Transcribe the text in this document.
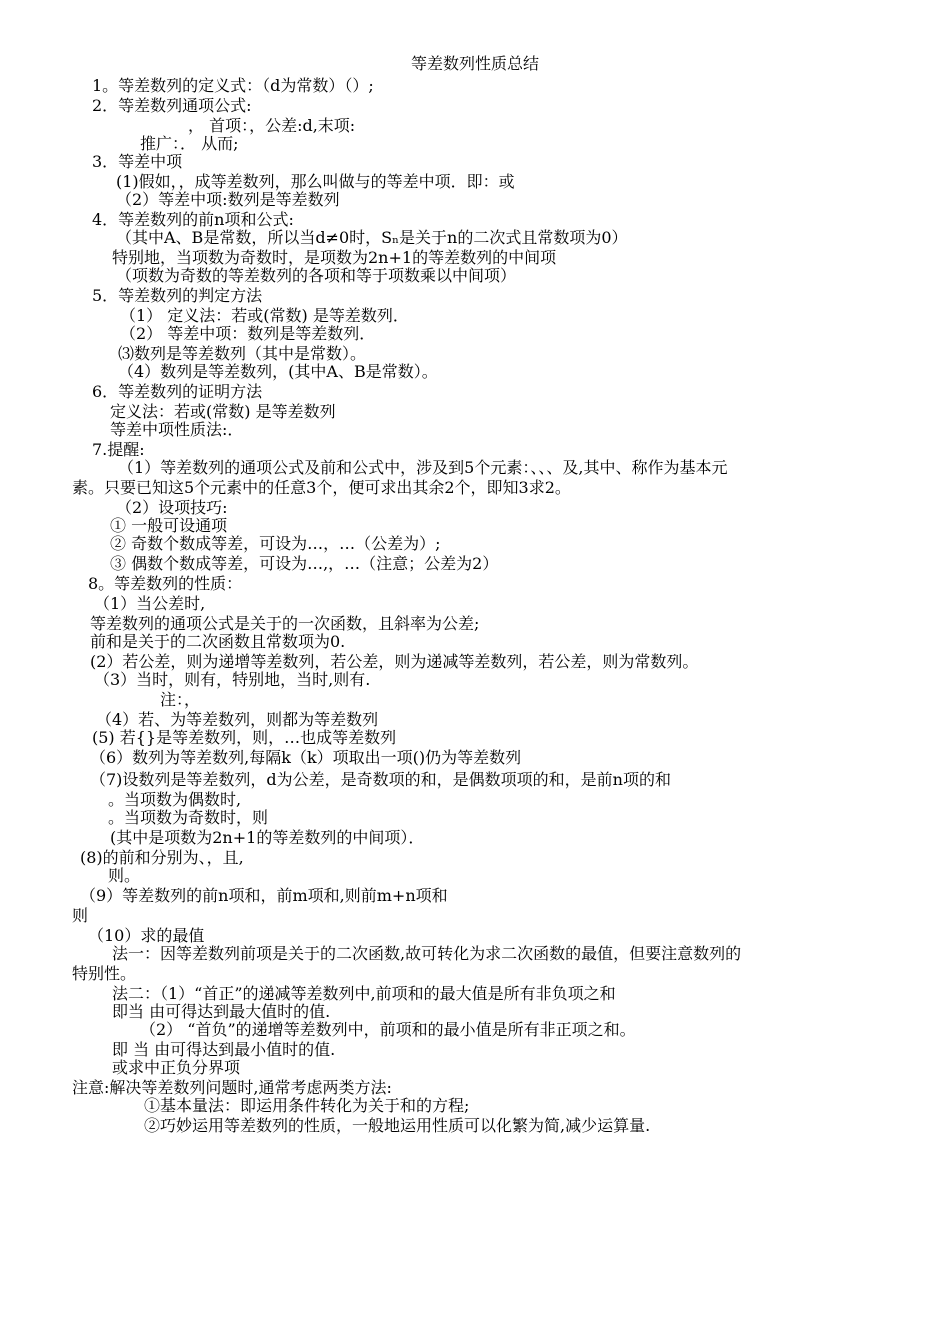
等差数列性质总结
1。等差数列的定义式：（d为常数）（）;
2．等差数列通项公式:
， 首项：，公差:d,末项:
推广：． 从而;
3．等差中项
(1)假如，，成等差数列，那么叫做与的等差中项．即：或
（2）等差中项:数列是等差数列
4．等差数列的前n项和公式:
（其中A、B是常数，所以当d≠0时，Sₙ是关于n的二次式且常数项为0）
特别地，当项数为奇数时，是项数为2n+1的等差数列的中间项
（项数为奇数的等差数列的各项和等于项数乘以中间项）
5．等差数列的判定方法
（1） 定义法：若或(常数) 是等差数列．
（2） 等差中项：数列是等差数列．
⑶数列是等差数列（其中是常数）。
（4）数列是等差数列，(其中A、B是常数）。
6．等差数列的证明方法
定义法：若或(常数) 是等差数列
等差中项性质法:．
7.提醒:
（1）等差数列的通项公式及前和公式中，涉及到5个元素：、、、及,其中、称作为基本元
素。只要已知这5个元素中的任意3个，便可求出其余2个，即知3求2。
（2）设项技巧:
① 一般可设通项
② 奇数个数成等差，可设为…，…（公差为）;
③ 偶数个数成等差，可设为…,，…（注意；公差为2）
8。等差数列的性质：
（1）当公差时,
等差数列的通项公式是关于的一次函数，且斜率为公差;
前和是关于的二次函数且常数项为0.
(2）若公差，则为递增等差数列，若公差，则为递减等差数列，若公差，则为常数列。
（3）当时，则有，特别地，当时,则有.
注：，
（4）若、为等差数列，则都为等差数列
(5) 若{}是等差数列，则，…也成等差数列
（6）数列为等差数列,每隔k（k）项取出一项()仍为等差数列
（7)设数列是等差数列，d为公差，是奇数项的和，是偶数项项的和，是前n项的和
。当项数为偶数时,
。当项数为奇数时，则
(其中是项数为2n+1的等差数列的中间项）．
(8)的前和分别为、，且,
则。
（9）等差数列的前n项和，前m项和,则前m+n项和
则
（10）求的最值
法一：因等差数列前项是关于的二次函数,故可转化为求二次函数的最值，但要注意数列的
特别性。
法二：（1）“首正”的递减等差数列中,前项和的最大值是所有非负项之和
即当 由可得达到最大值时的值.
（2） “首负”的递增等差数列中，前项和的最小值是所有非正项之和。
即 当 由可得达到最小值时的值.
或求中正负分界项
注意:解决等差数列问题时,通常考虑两类方法:
①基本量法：即运用条件转化为关于和的方程;
②巧妙运用等差数列的性质，一般地运用性质可以化繁为简,减少运算量.
